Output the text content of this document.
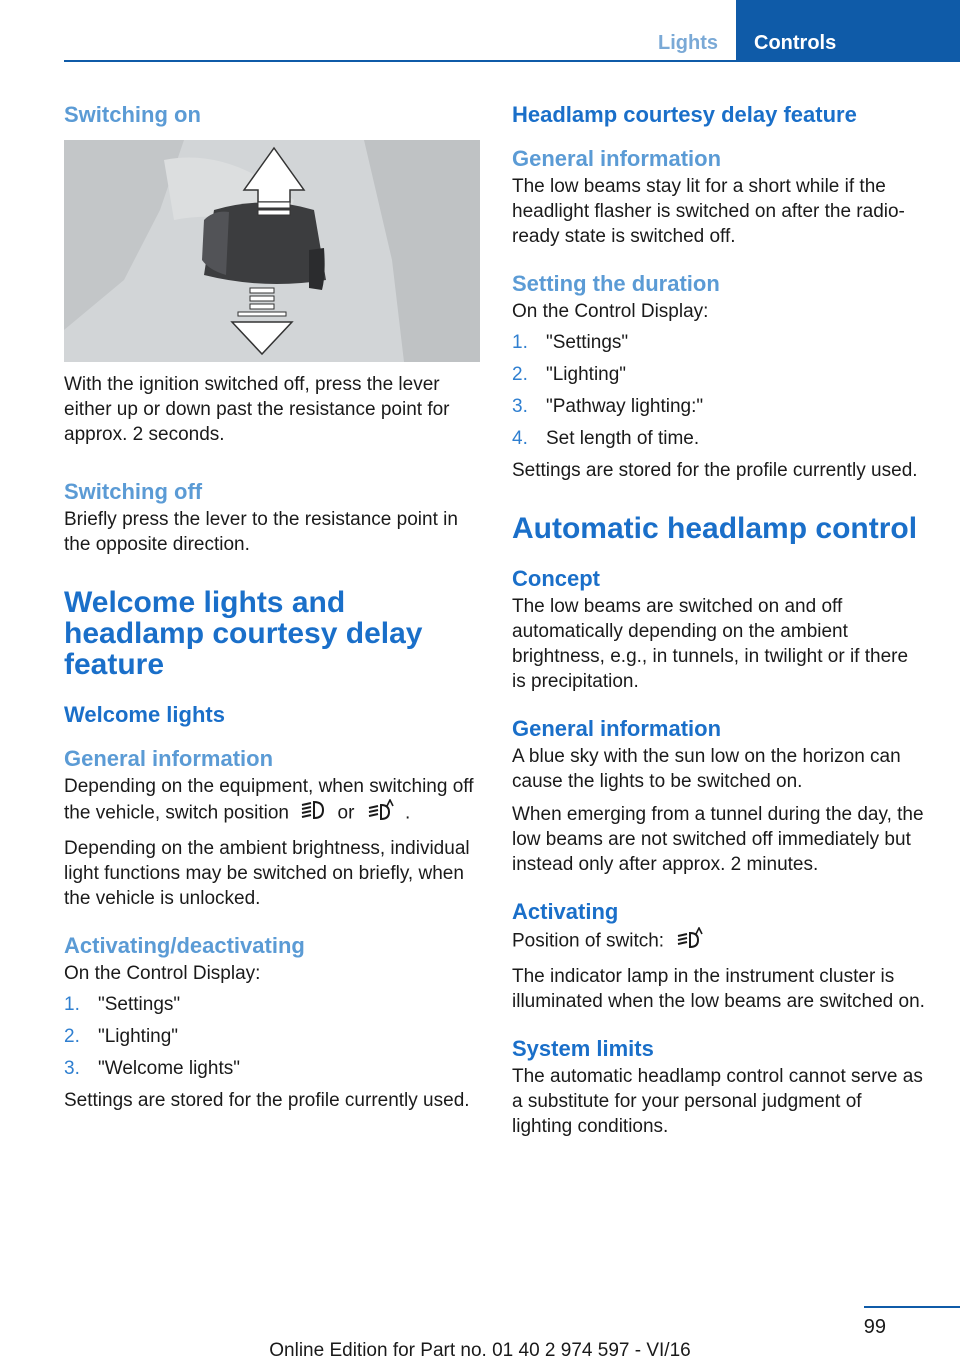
Lights	Controls
Switching on

With the ignition switched off, press the lever either up or down past the resistance point for approx. 2 seconds.

Switching off

Briefly press the lever to the resistance point in the opposite direction.

Welcome lights and headlamp courtesy delay feature
Welcome lights
General information

Depending on the equipment, when switching off the vehicle, switch position	or	.

Depending on the ambient brightness, individual light functions may be switched on briefly, when the vehicle is unlocked.

Activating/deactivating

On the Control Display:

1. "Settings"
2. "Lighting"
3. "Welcome lights"

Settings are stored for the profile currently used.

Headlamp courtesy delay feature
General information

The low beams stay lit for a short while if the headlight flasher is switched on after the radio-ready state is switched off.

Setting the duration

On the Control Display:

1. "Settings"
2. "Lighting"
3. "Pathway lighting:"
4. Set length of time.

Settings are stored for the profile currently used.

Automatic headlamp control
Concept

The low beams are switched on and off automatically depending on the ambient brightness, e.g., in tunnels, in twilight or if there is precipitation.

General information

A blue sky with the sun low on the horizon can cause the lights to be switched on.

When emerging from a tunnel during the day, the low beams are not switched off immediately but instead only after approx. 2 minutes.

Activating

Position of switch:

The indicator lamp in the instrument cluster is illuminated when the low beams are switched on.

System limits

The automatic headlamp control cannot serve as a substitute for your personal judgment of lighting conditions.

99
Online Edition for Part no. 01 40 2 974 597 - VI/16
